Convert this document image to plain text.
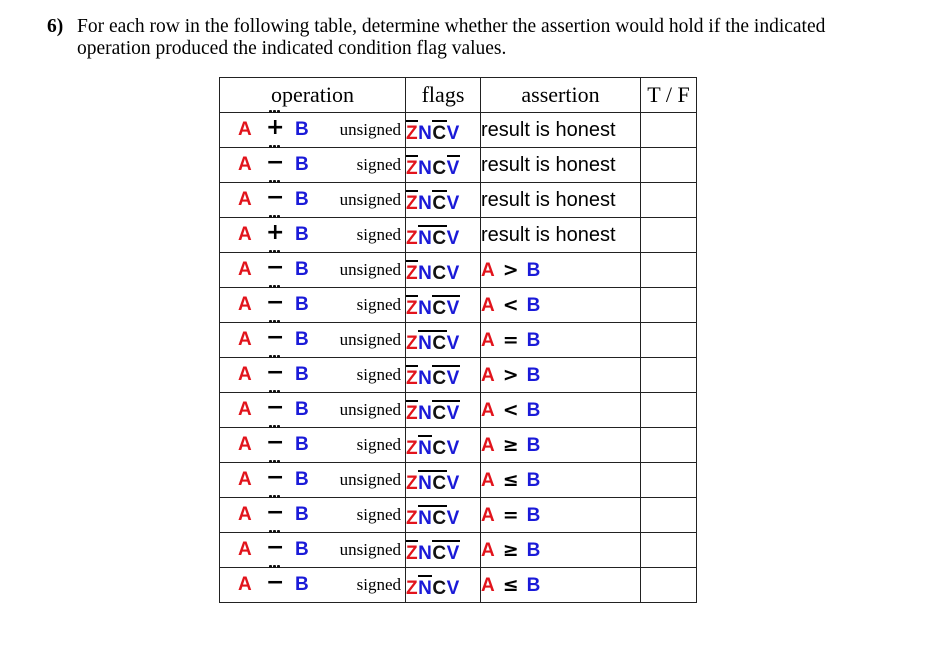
6) For each row in the following table, determine whether the assertion would hold if the indicated operation produced the indicated condition flag values.
operation	flags	assertion	T / F

A + B unsigned	ZNCV	result is honest	

A − B signed	ZNCV	result is honest	

A − B unsigned	ZNCV	result is honest	

A + B signed	ZNCV	result is honest	

A − B unsigned	ZNCV	A > B	

A − B signed	ZNCV	A < B	

A − B unsigned	ZNCV	A = B	

A − B signed	ZNCV	A > B	

A − B unsigned	ZNCV	A < B	

A − B signed	ZNCV	A ≥ B	

A − B unsigned	ZNCV	A ≤ B	

A − B signed	ZNCV	A = B	

A − B unsigned	ZNCV	A ≥ B	

A − B signed	ZNCV	A ≤ B	
